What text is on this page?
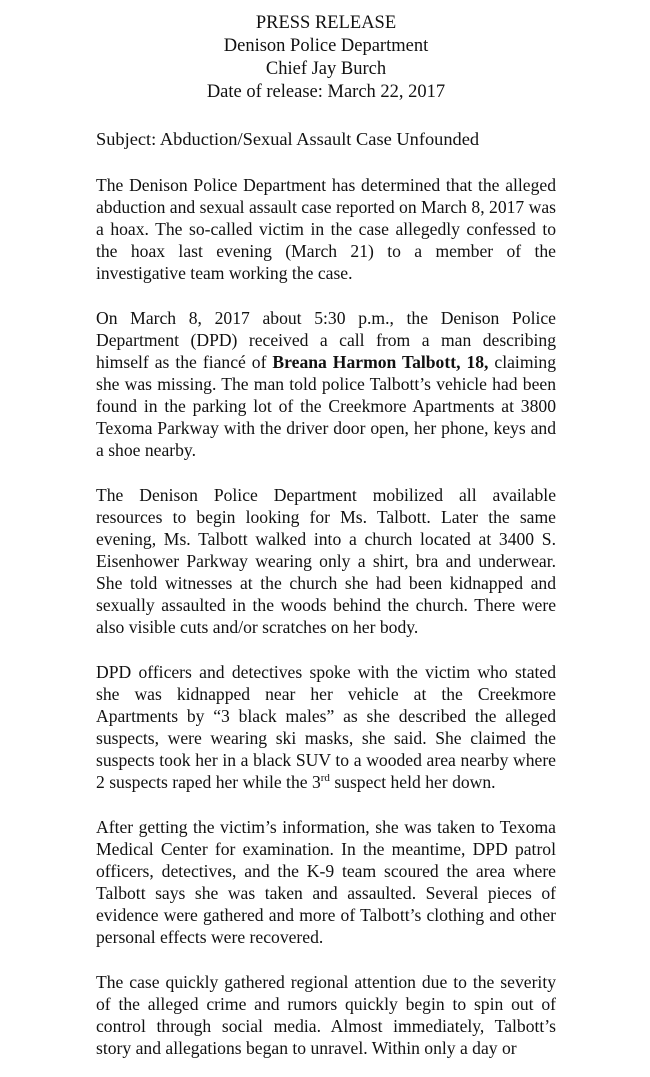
PRESS RELEASE
Denison Police Department
Chief Jay Burch
Date of release: March 22, 2017
Subject: Abduction/Sexual Assault Case Unfounded

The Denison Police Department has determined that the alleged abduction and sexual assault case reported on March 8, 2017 was a hoax. The so-called victim in the case allegedly confessed to the hoax last evening (March 21) to a member of the investigative team working the case.

On March 8, 2017 about 5:30 p.m., the Denison Police Department (DPD) received a call from a man describing himself as the fiancé of Breana Harmon Talbott, 18, claiming she was missing. The man told police Talbott’s vehicle had been found in the parking lot of the Creekmore Apartments at 3800 Texoma Parkway with the driver door open, her phone, keys and a shoe nearby.

The Denison Police Department mobilized all available resources to begin looking for Ms. Talbott. Later the same evening, Ms. Talbott walked into a church located at 3400 S. Eisenhower Parkway wearing only a shirt, bra and underwear. She told witnesses at the church she had been kidnapped and sexually assaulted in the woods behind the church. There were also visible cuts and/or scratches on her body.

DPD officers and detectives spoke with the victim who stated she was kidnapped near her vehicle at the Creekmore Apartments by “3 black males” as she described the alleged suspects, were wearing ski masks, she said. She claimed the suspects took her in a black SUV to a wooded area nearby where 2 suspects raped her while the 3rd suspect held her down.

After getting the victim’s information, she was taken to Texoma Medical Center for examination. In the meantime, DPD patrol officers, detectives, and the K-9 team scoured the area where Talbott says she was taken and assaulted. Several pieces of evidence were gathered and more of Talbott’s clothing and other personal effects were recovered.

The case quickly gathered regional attention due to the severity of the alleged crime and rumors quickly begin to spin out of control through social media. Almost immediately, Talbott’s story and allegations began to unravel. Within only a day or
